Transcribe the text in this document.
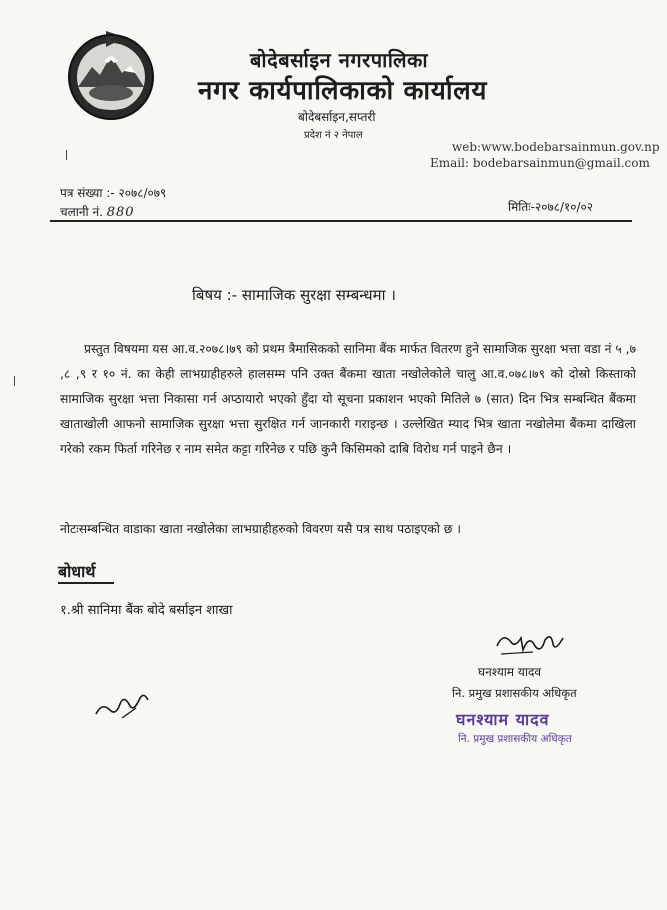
बोदेबर्साइन नगरपालिका
नगर कार्यपालिकाको कार्यालय
बोदेबर्साइन,सप्तरी
प्रदेश नं २ नेपाल
web:www.bodebarsainmun.gov.np
Email: bodebarsainmun@gmail.com
पत्र संख्या :- २०७८/०७९
चलानी नं. 880	मितिः-२०७८/१०/०२
बिषय :- सामाजिक सुरक्षा सम्बन्धमा ।

प्रस्तुत विषयमा यस आ.व.२०७८।७९ को प्रथम त्रैमासिकको सानिमा बैंक मार्फत वितरण हुने सामाजिक सुरक्षा भत्ता वडा नं ५ ,७ ,८ ,९ र १० नं. का केही लाभग्राहीहरुले हालसम्म पनि उक्त बैंकमा खाता नखोलेकोले चालु आ.व.०७८।७९ को दोस्रो किस्ताको सामाजिक सुरक्षा भत्ता निकासा गर्न अप्ठायारो भएको हुँदा यो सूचना प्रकाशन भएको मितिले ७ (सात) दिन भित्र सम्बन्धित बैंकमा खाताखोली आफनो सामाजिक सुरक्षा भत्ता सुरक्षित गर्न जानकारी गराइन्छ । उल्लेखित म्याद भित्र खाता नखोलेमा बैंकमा दाखिला गरेको रकम फिर्ता गरिनेछ र नाम समेत कट्टा गरिनेछ र पछि कुनै किसिमको दाबि विरोध गर्न पाइने छैन ।

नोटःसम्बन्धित वाडाका खाता नखोलेका लाभग्राहीहरुको विवरण यसै पत्र साथ पठाइएको छ ।
बोधार्थ
१.श्री सानिमा बैंक बोदे बर्साइन शाखा
घनश्याम यादव
नि. प्रमुख प्रशासकीय अधिकृत
घनश्याम यादव
नि. प्रमुख प्रशासकीय अधिकृत
